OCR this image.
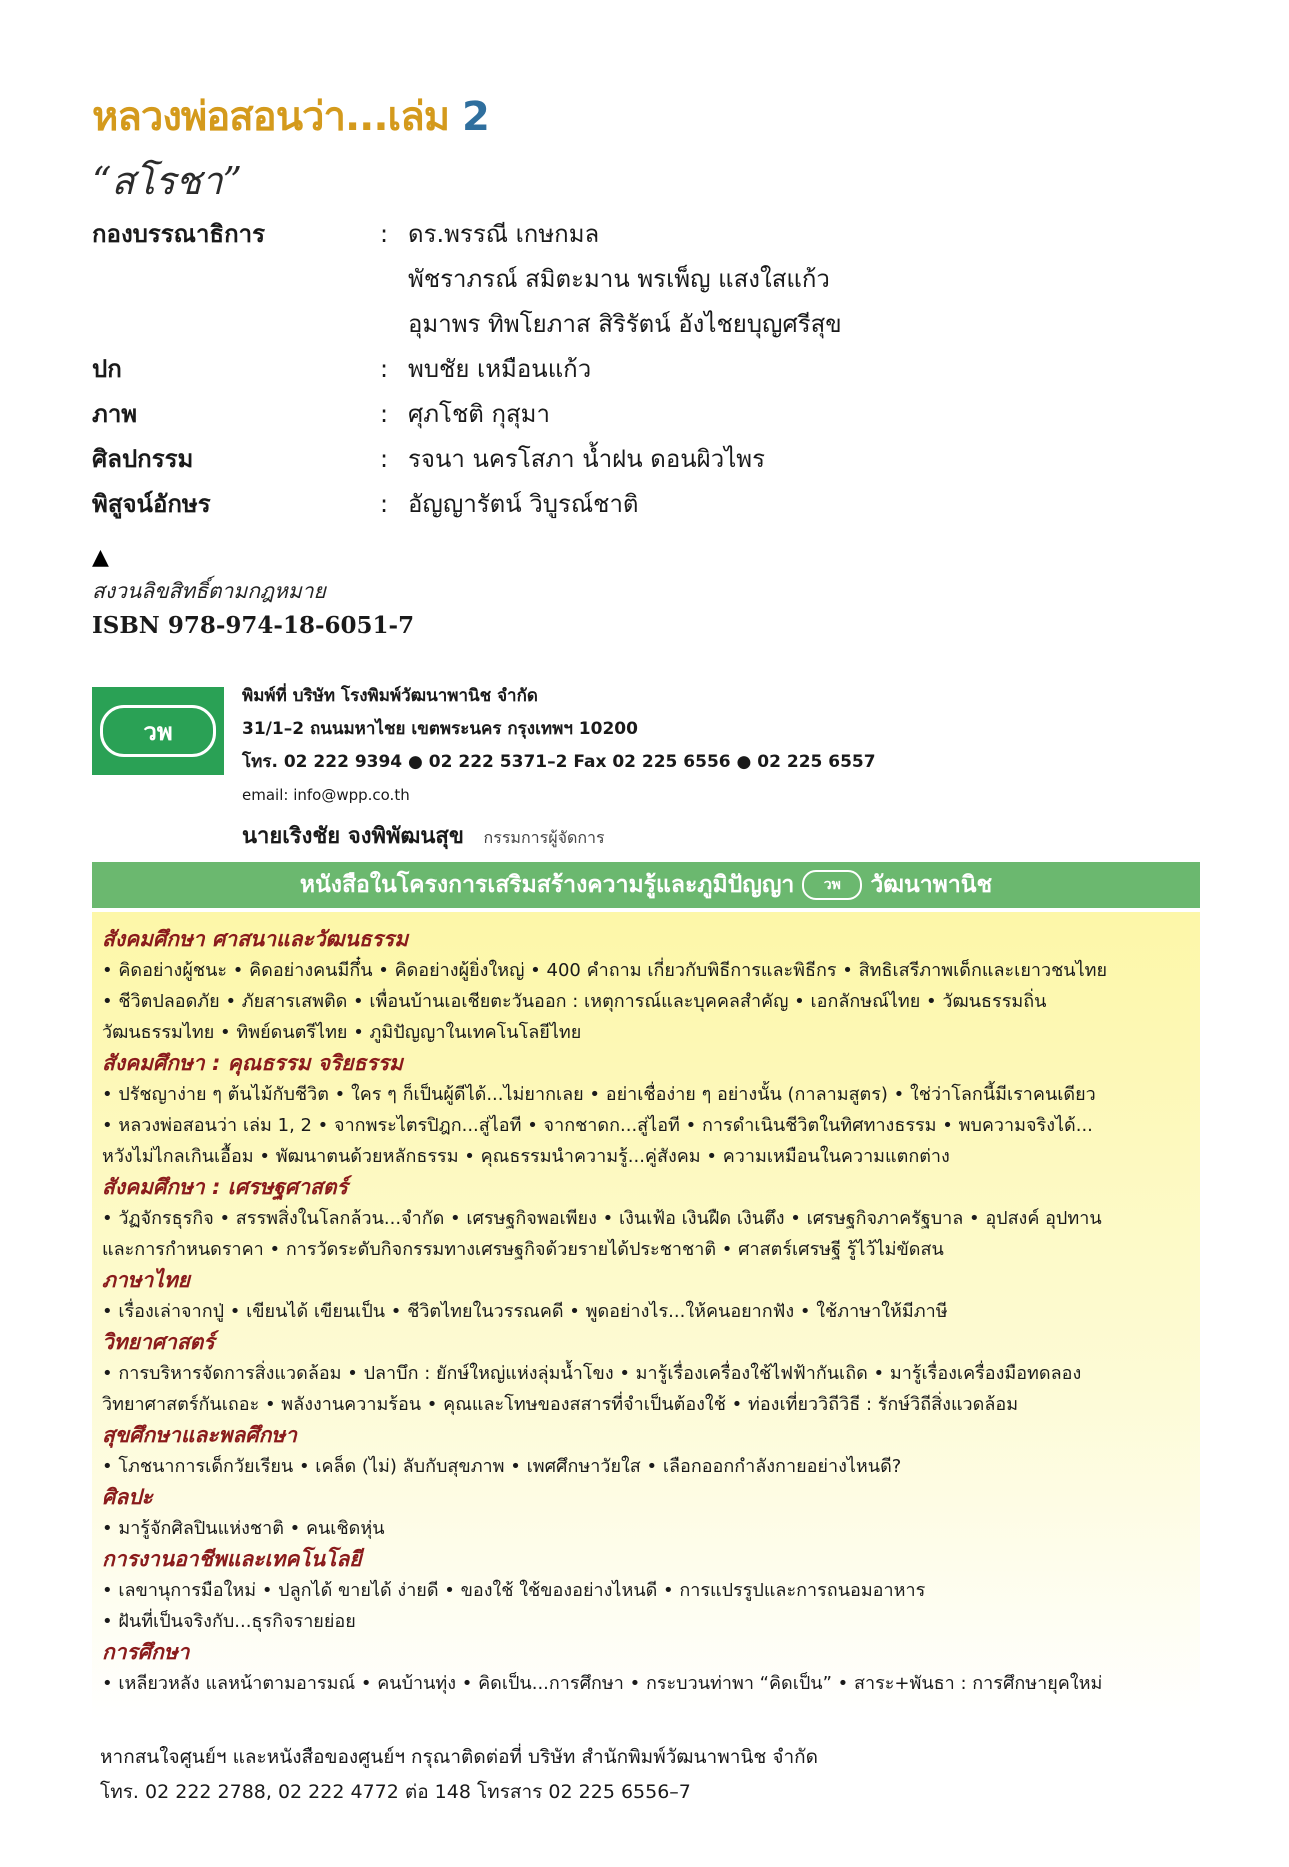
หลวงพ่อสอนว่า...เล่ม 2
“สโรชา”
กองบรรณาธิการ	: ดร.พรรณี เกษกมล
พัชราภรณ์ สมิตะมาน พรเพ็ญ แสงใสแก้ว
อุมาพร ทิพโยภาส สิริรัตน์ อังไชยบุญศรีสุข
ปก	: พบชัย เหมือนแก้ว
ภาพ	: ศุภโชติ กุสุมา
ศิลปกรรม	: รจนา นครโสภา น้ำฝน ดอนผิวไพร
พิสูจน์อักษร	: อัญญารัตน์ วิบูรณ์ชาติ
▲
สงวนลิขสิทธิ์ตามกฎหมาย
ISBN 978-974-18-6051-7
วพ
พิมพ์ที่ บริษัท โรงพิมพ์วัฒนาพานิช จำกัด
31/1–2 ถนนมหาไชย เขตพระนคร กรุงเทพฯ 10200
โทร. 02 222 9394 ● 02 222 5371–2 Fax 02 225 6556 ● 02 225 6557
email: info@wpp.co.th
นายเริงชัย จงพิพัฒนสุข กรรมการผู้จัดการ
หนังสือในโครงการเสริมสร้างความรู้และภูมิปัญญา	วพ	วัฒนาพานิช
สังคมศึกษา ศาสนาและวัฒนธรรม
• คิดอย่างผู้ชนะ • คิดอย่างคนมีกึ๋น • คิดอย่างผู้ยิ่งใหญ่ • 400 คำถาม เกี่ยวกับพิธีการและพิธีกร • สิทธิเสรีภาพเด็กและเยาวชนไทย
• ชีวิตปลอดภัย • ภัยสารเสพติด • เพื่อนบ้านเอเชียตะวันออก : เหตุการณ์และบุคคลสำคัญ • เอกลักษณ์ไทย • วัฒนธรรมถิ่น
วัฒนธรรมไทย • ทิพย์ดนตรีไทย • ภูมิปัญญาในเทคโนโลยีไทย
สังคมศึกษา : คุณธรรม จริยธรรม
• ปรัชญาง่าย ๆ ต้นไม้กับชีวิต • ใคร ๆ ก็เป็นผู้ดีได้...ไม่ยากเลย • อย่าเชื่อง่าย ๆ อย่างนั้น (กาลามสูตร) • ใช่ว่าโลกนี้มีเราคนเดียว
• หลวงพ่อสอนว่า เล่ม 1, 2 • จากพระไตรปิฎก...สู่ไอที • จากชาดก...สู่ไอที • การดำเนินชีวิตในทิศทางธรรม • พบความจริงได้...
หวังไม่ไกลเกินเอื้อม • พัฒนาตนด้วยหลักธรรม • คุณธรรมนำความรู้...คู่สังคม • ความเหมือนในความแตกต่าง
สังคมศึกษา : เศรษฐศาสตร์
• วัฏจักรธุรกิจ • สรรพสิ่งในโลกล้วน...จำกัด • เศรษฐกิจพอเพียง • เงินเฟ้อ เงินฝืด เงินตึง • เศรษฐกิจภาครัฐบาล • อุปสงค์ อุปทาน
และการกำหนดราคา • การวัดระดับกิจกรรมทางเศรษฐกิจด้วยรายได้ประชาชาติ • ศาสตร์เศรษฐี รู้ไว้ไม่ขัดสน
ภาษาไทย
• เรื่องเล่าจากปู่ • เขียนได้ เขียนเป็น • ชีวิตไทยในวรรณคดี • พูดอย่างไร...ให้คนอยากฟัง • ใช้ภาษาให้มีภาษี
วิทยาศาสตร์
• การบริหารจัดการสิ่งแวดล้อม • ปลาบึก : ยักษ์ใหญ่แห่งลุ่มน้ำโขง • มารู้เรื่องเครื่องใช้ไฟฟ้ากันเถิด • มารู้เรื่องเครื่องมือทดลอง
วิทยาศาสตร์กันเถอะ • พลังงานความร้อน • คุณและโทษของสสารที่จำเป็นต้องใช้ • ท่องเที่ยววิถีวิธี : รักษ์วิถีสิ่งแวดล้อม
สุขศึกษาและพลศึกษา
• โภชนาการเด็กวัยเรียน • เคล็ด (ไม่) ลับกับสุขภาพ • เพศศึกษาวัยใส • เลือกออกกำลังกายอย่างไหนดี?
ศิลปะ
• มารู้จักศิลปินแห่งชาติ • คนเชิดหุ่น
การงานอาชีพและเทคโนโลยี
• เลขานุการมือใหม่ • ปลูกได้ ขายได้ ง่ายดี • ของใช้ ใช้ของอย่างไหนดี • การแปรรูปและการถนอมอาหาร
• ฝันที่เป็นจริงกับ...ธุรกิจรายย่อย
การศึกษา
• เหลียวหลัง แลหน้าตามอารมณ์ • คนบ้านทุ่ง • คิดเป็น...การศึกษา • กระบวนท่าพา “คิดเป็น” • สาระ+พันธา : การศึกษายุคใหม่
หากสนใจศูนย์ฯ และหนังสือของศูนย์ฯ กรุณาติดต่อที่ บริษัท สำนักพิมพ์วัฒนาพานิช จำกัด
โทร. 02 222 2788, 02 222 4772 ต่อ 148 โทรสาร 02 225 6556–7
